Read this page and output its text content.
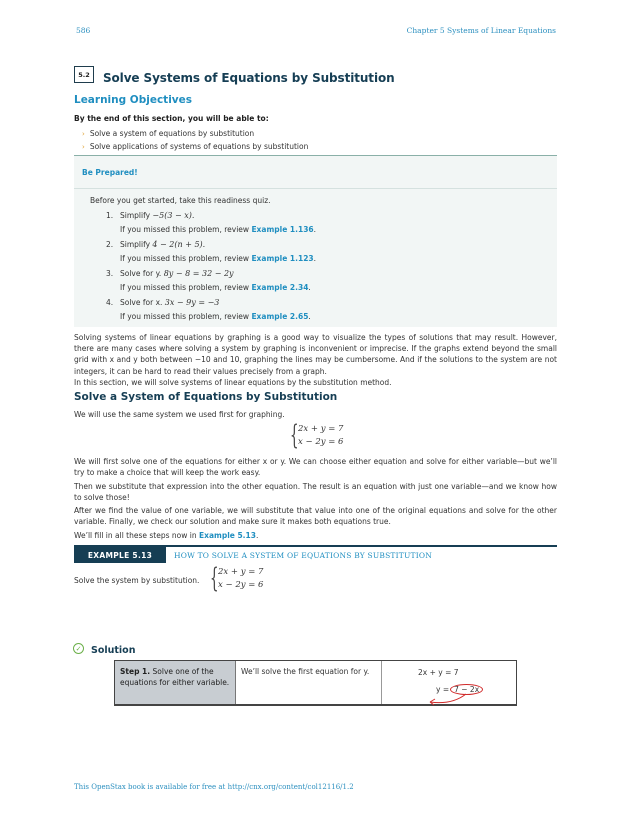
586	Chapter 5 Systems of Linear Equations
5.2	Solve Systems of Equations by Substitution
Learning Objectives
By the end of this section, you will be able to:
› Solve a system of equations by substitution
› Solve applications of systems of equations by substitution
Be Prepared!
Before you get started, take this readiness quiz.
1. Simplify −5(3 − x).
If you missed this problem, review Example 1.136.
2. Simplify 4 − 2(n + 5).
If you missed this problem, review Example 1.123.
3. Solve for y. 8y − 8 = 32 − 2y
If you missed this problem, review Example 2.34.
4. Solve for x. 3x − 9y = −3
If you missed this problem, review Example 2.65.

Solving systems of linear equations by graphing is a good way to visualize the types of solutions that may result. However, there are many cases where solving a system by graphing is inconvenient or imprecise. If the graphs extend beyond the small grid with x and y both between −10 and 10, graphing the lines may be cumbersome. And if the solutions to the system are not integers, it can be hard to read their values precisely from a graph.

In this section, we will solve systems of linear equations by the substitution method.

Solve a System of Equations by Substitution

We will use the same system we used first for graphing.

{ 2x + y = 7
x − 2y = 6

We will first solve one of the equations for either x or y. We can choose either equation and solve for either variable—but we’ll try to make a choice that will keep the work easy.

Then we substitute that expression into the other equation. The result is an equation with just one variable—and we know how to solve those!

After we find the value of one variable, we will substitute that value into one of the original equations and solve for the other variable. Finally, we check our solution and make sure it makes both equations true.

We’ll fill in all these steps now in Example 5.13.

EXAMPLE 5.13	HOW TO SOLVE A SYSTEM OF EQUATIONS BY SUBSTITUTION
Solve the system by substitution. { 2x + y = 7
x − 2y = 6
✓ Solution
Step 1. Solve one of the equations for either variable.
We’ll solve the first equation for y.	2x + y = 7
y = 7 − 2x
This OpenStax book is available for free at http://cnx.org/content/col12116/1.2
